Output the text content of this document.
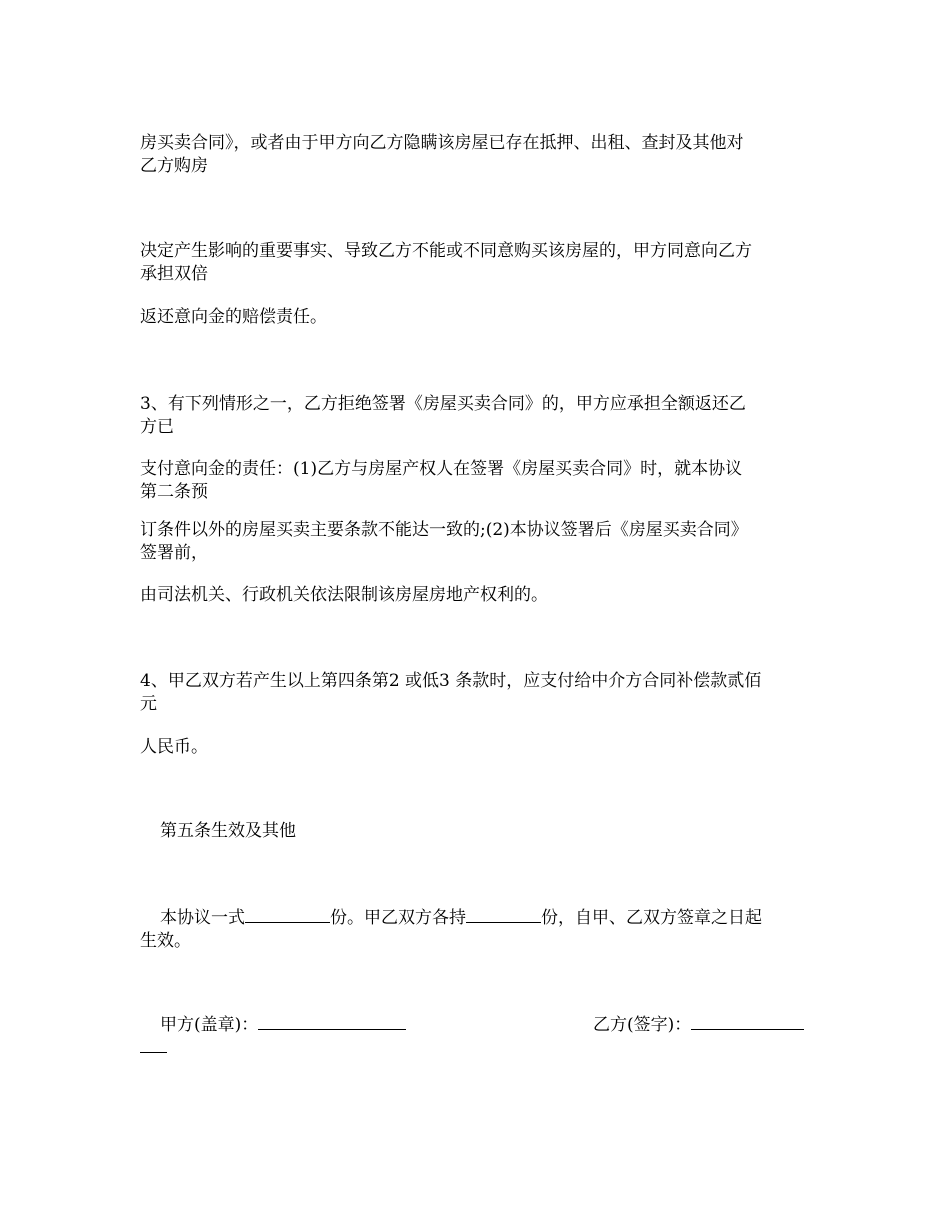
房买卖合同》，或者由于甲方向乙方隐瞒该房屋已存在抵押、出租、查封及其他对
乙方购房

决定产生影响的重要事实、导致乙方不能或不同意购买该房屋的，甲方同意向乙方
承担双倍

返还意向金的赔偿责任。

3、有下列情形之一，乙方拒绝签署《房屋买卖合同》的，甲方应承担全额返还乙
方已

支付意向金的责任：(1)乙方与房屋产权人在签署《房屋买卖合同》时，就本协议
第二条预

订条件以外的房屋买卖主要条款不能达一致的;(2)本协议签署后《房屋买卖合同》
签署前，

由司法机关、行政机关依法限制该房屋房地产权利的。

4、甲乙双方若产生以上第四条第2 或低3 条款时，应支付给中介方合同补偿款贰佰
元

人民币。

第五条生效及其他

本协议一式	份。甲乙双方各持	份，自甲、乙双方签章之日起
生效。

甲方(盖章)：	乙方(签字)：
